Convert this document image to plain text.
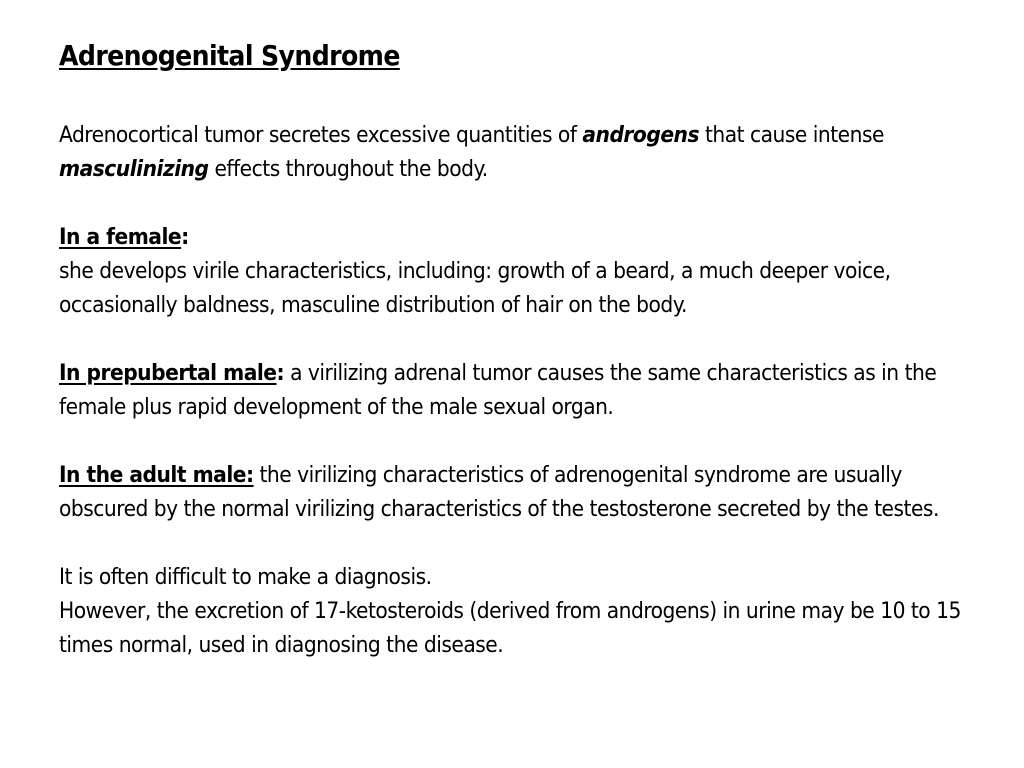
Adrenogenital Syndrome
Adrenocortical tumor secretes excessive quantities of androgens that cause intense masculinizing effects throughout the body.
In a female:
she develops virile characteristics, including: growth of a beard, a much deeper voice, occasionally baldness, masculine distribution of hair on the body.
In prepubertal male: a virilizing adrenal tumor causes the same characteristics as in the female plus rapid development of the male sexual organ.
In the adult male: the virilizing characteristics of adrenogenital syndrome are usually obscured by the normal virilizing characteristics of the testosterone secreted by the testes.
It is often difficult to make a diagnosis.
However, the excretion of 17-ketosteroids (derived from androgens) in urine may be 10 to 15 times normal, used in diagnosing the disease.
